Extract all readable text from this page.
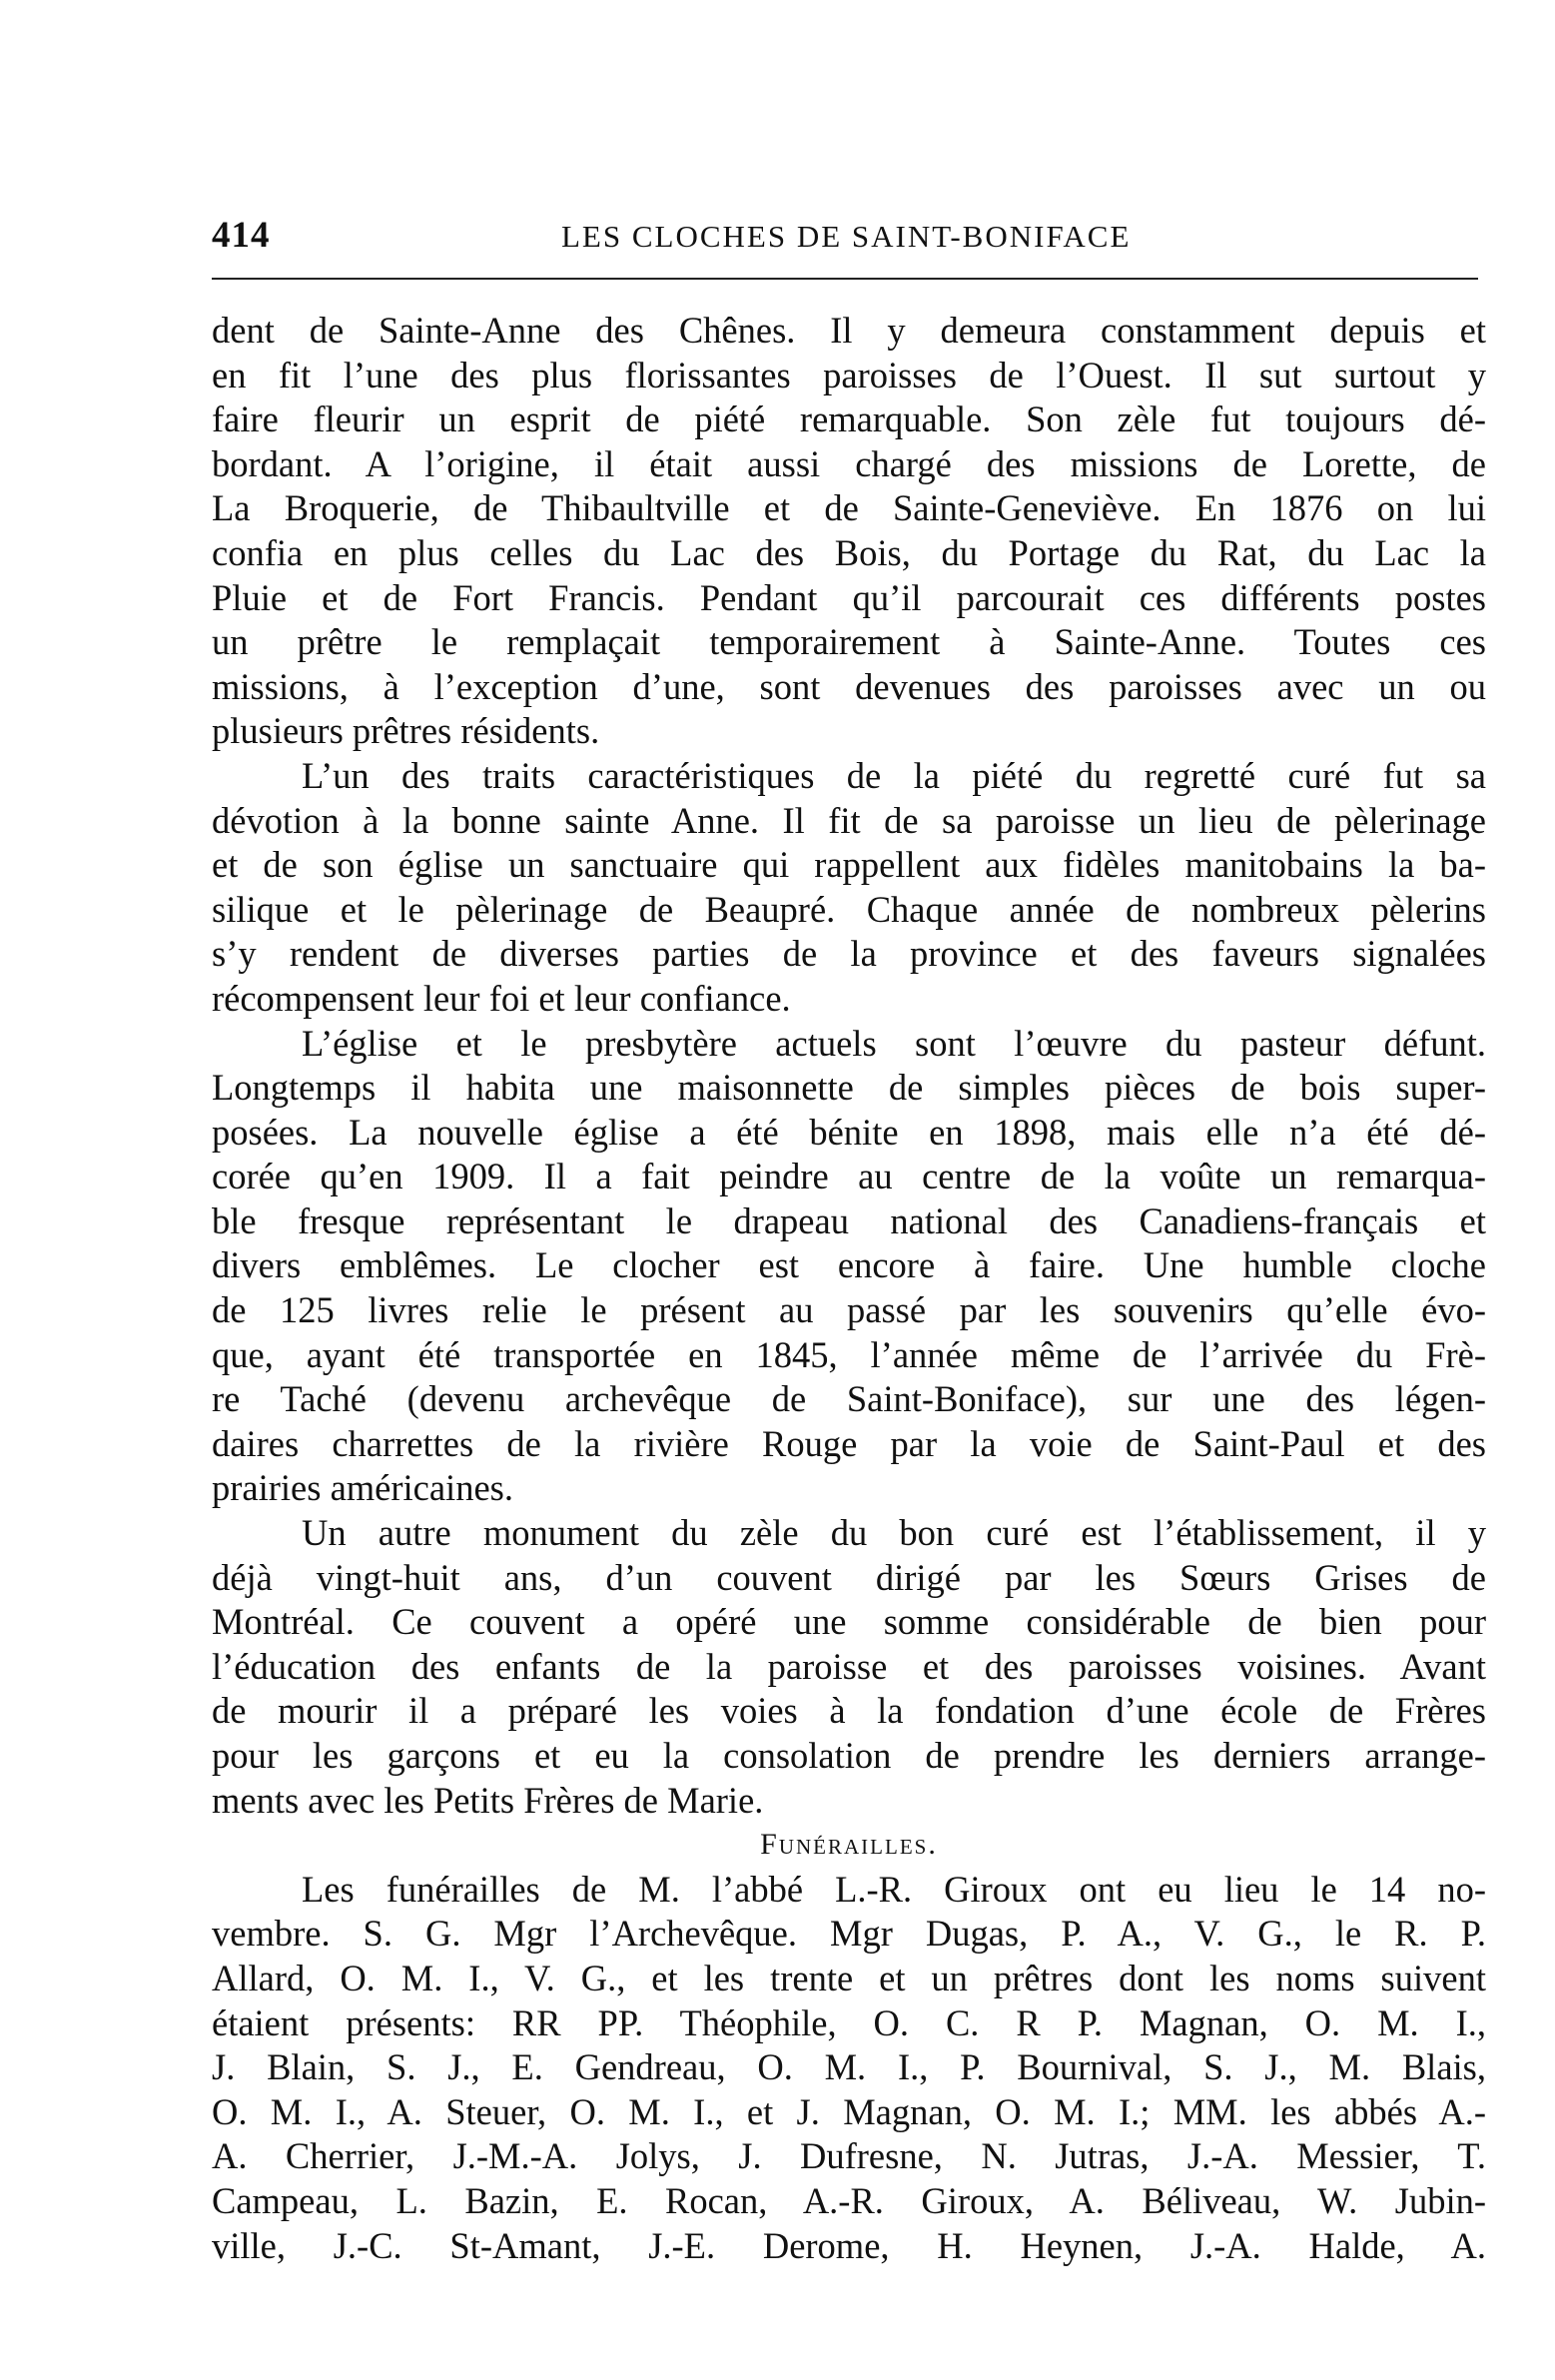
414	LES CLOCHES DE SAINT-BONIFACE
dent de Sainte-Anne des Chênes. Il y demeura constamment depuis et
en fit l’une des plus florissantes paroisses de l’Ouest. Il sut surtout y
faire fleurir un esprit de piété remarquable. Son zèle fut toujours dé-
bordant. A l’origine, il était aussi chargé des missions de Lorette, de
La Broquerie, de Thibaultville et de Sainte-Geneviève. En 1876 on lui
confia en plus celles du Lac des Bois, du Portage du Rat, du Lac la
Pluie et de Fort Francis. Pendant qu’il parcourait ces différents postes
un prêtre le remplaçait temporairement à Sainte-Anne. Toutes ces
missions, à l’exception d’une, sont devenues des paroisses avec un ou
plusieurs prêtres résidents.
L’un des traits caractéristiques de la piété du regretté curé fut sa
dévotion à la bonne sainte Anne. Il fit de sa paroisse un lieu de pèlerinage
et de son église un sanctuaire qui rappellent aux fidèles manitobains la ba-
silique et le pèlerinage de Beaupré. Chaque année de nombreux pèlerins
s’y rendent de diverses parties de la province et des faveurs signalées
récompensent leur foi et leur confiance.
L’église et le presbytère actuels sont l’œuvre du pasteur défunt.
Longtemps il habita une maisonnette de simples pièces de bois super-
posées. La nouvelle église a été bénite en 1898, mais elle n’a été dé-
corée qu’en 1909. Il a fait peindre au centre de la voûte un remarqua-
ble fresque représentant le drapeau national des Canadiens-français et
divers emblêmes. Le clocher est encore à faire. Une humble cloche
de 125 livres relie le présent au passé par les souvenirs qu’elle évo-
que, ayant été transportée en 1845, l’année même de l’arrivée du Frè-
re Taché (devenu archevêque de Saint-Boniface), sur une des légen-
daires charrettes de la rivière Rouge par la voie de Saint-Paul et des
prairies américaines.
Un autre monument du zèle du bon curé est l’établissement, il y
déjà vingt-huit ans, d’un couvent dirigé par les Sœurs Grises de
Montréal. Ce couvent a opéré une somme considérable de bien pour
l’éducation des enfants de la paroisse et des paroisses voisines. Avant
de mourir il a préparé les voies à la fondation d’une école de Frères
pour les garçons et eu la consolation de prendre les derniers arrange-
ments avec les Petits Frères de Marie.
Funérailles.
Les funérailles de M. l’abbé L.-R. Giroux ont eu lieu le 14 no-
vembre. S. G. Mgr l’Archevêque. Mgr Dugas, P. A., V. G., le R. P.
Allard, O. M. I., V. G., et les trente et un prêtres dont les noms suivent
étaient présents: RR PP. Théophile, O. C. R P. Magnan, O. M. I.,
J. Blain, S. J., E. Gendreau, O. M. I., P. Bournival, S. J., M. Blais,
O. M. I., A. Steuer, O. M. I., et J. Magnan, O. M. I.; MM. les abbés A.-
A. Cherrier, J.-M.-A. Jolys, J. Dufresne, N. Jutras, J.-A. Messier, T.
Campeau, L. Bazin, E. Rocan, A.-R. Giroux, A. Béliveau, W. Jubin-
ville, J.-C. St-Amant, J.-E. Derome, H. Heynen, J.-A. Halde, A.
